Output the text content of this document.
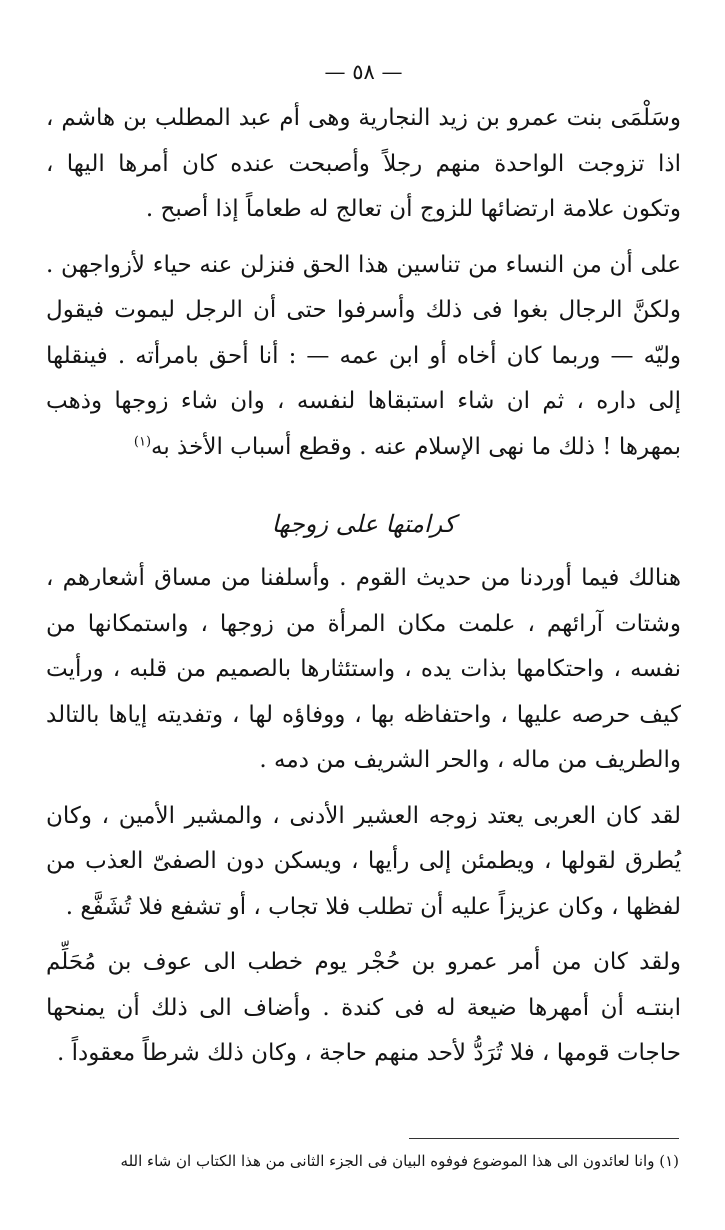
— ٥٨ —

وسَلْمَى بنت عمرو بن زيد النجارية وهى أم عبد المطلب بن هاشم ، اذا تزوجت الواحدة منهم رجلاً وأصبحت عنده كان أمرها اليها ، وتكون علامة ارتضائها للزوج أن تعالج له طعاماً إذا أصبح .

على أن من النساء من تناسين هذا الحق فنزلن عنه حياء لأزواجهن . ولكنَّ الرجال بغوا فى ذلك وأسرفوا حتى أن الرجل ليموت فيقول وليّه — وربما كان أخاه أو ابن عمه — : أنا أحق بامرأته . فينقلها إلى داره ، ثم ان شاء استبقاها لنفسه ، وان شاء زوجها وذهب بمهرها ! ذلك ما نهى الإسلام عنه . وقطع أسباب الأخذ به$^{(١)}$

كرامتها على زوجها

هنالك فيما أوردنا من حديث القوم . وأسلفنا من مساق أشعارهم ، وشتات آرائهم ، علمت مكان المرأة من زوجها ، واستمكانها من نفسه ، واحتكامها بذات يده ، واستئثارها بالصميم من قلبه ، ورأيت كيف حرصه عليها ، واحتفاظه بها ، ووفاؤه لها ، وتفديته إياها بالتالد والطريف من ماله ، والحر الشريف من دمه .

لقد كان العربى يعتد زوجه العشير الأدنى ، والمشير الأمين ، وكان يُطرق لقولها ، ويطمئن إلى رأيها ، ويسكن دون الصفىّ العذب من لفظها ، وكان عزيزاً عليه أن تطلب فلا تجاب ، أو تشفع فلا تُشَفَّع .

ولقد كان من أمر عمرو بن حُجْر يوم خطب الى عوف بن مُحَلِّم ابنتـه أن أمهرها ضيعة له فى كندة . وأضاف الى ذلك أن يمنحها حاجات قومها ، فلا تُرَدُّ لأحد منهم حاجة ، وكان ذلك شرطاً معقوداً .

(١) وانا لعائدون الى هذا الموضوع فوفوه البيان فى الجزء الثانى من هذا الكتاب ان شاء الله
